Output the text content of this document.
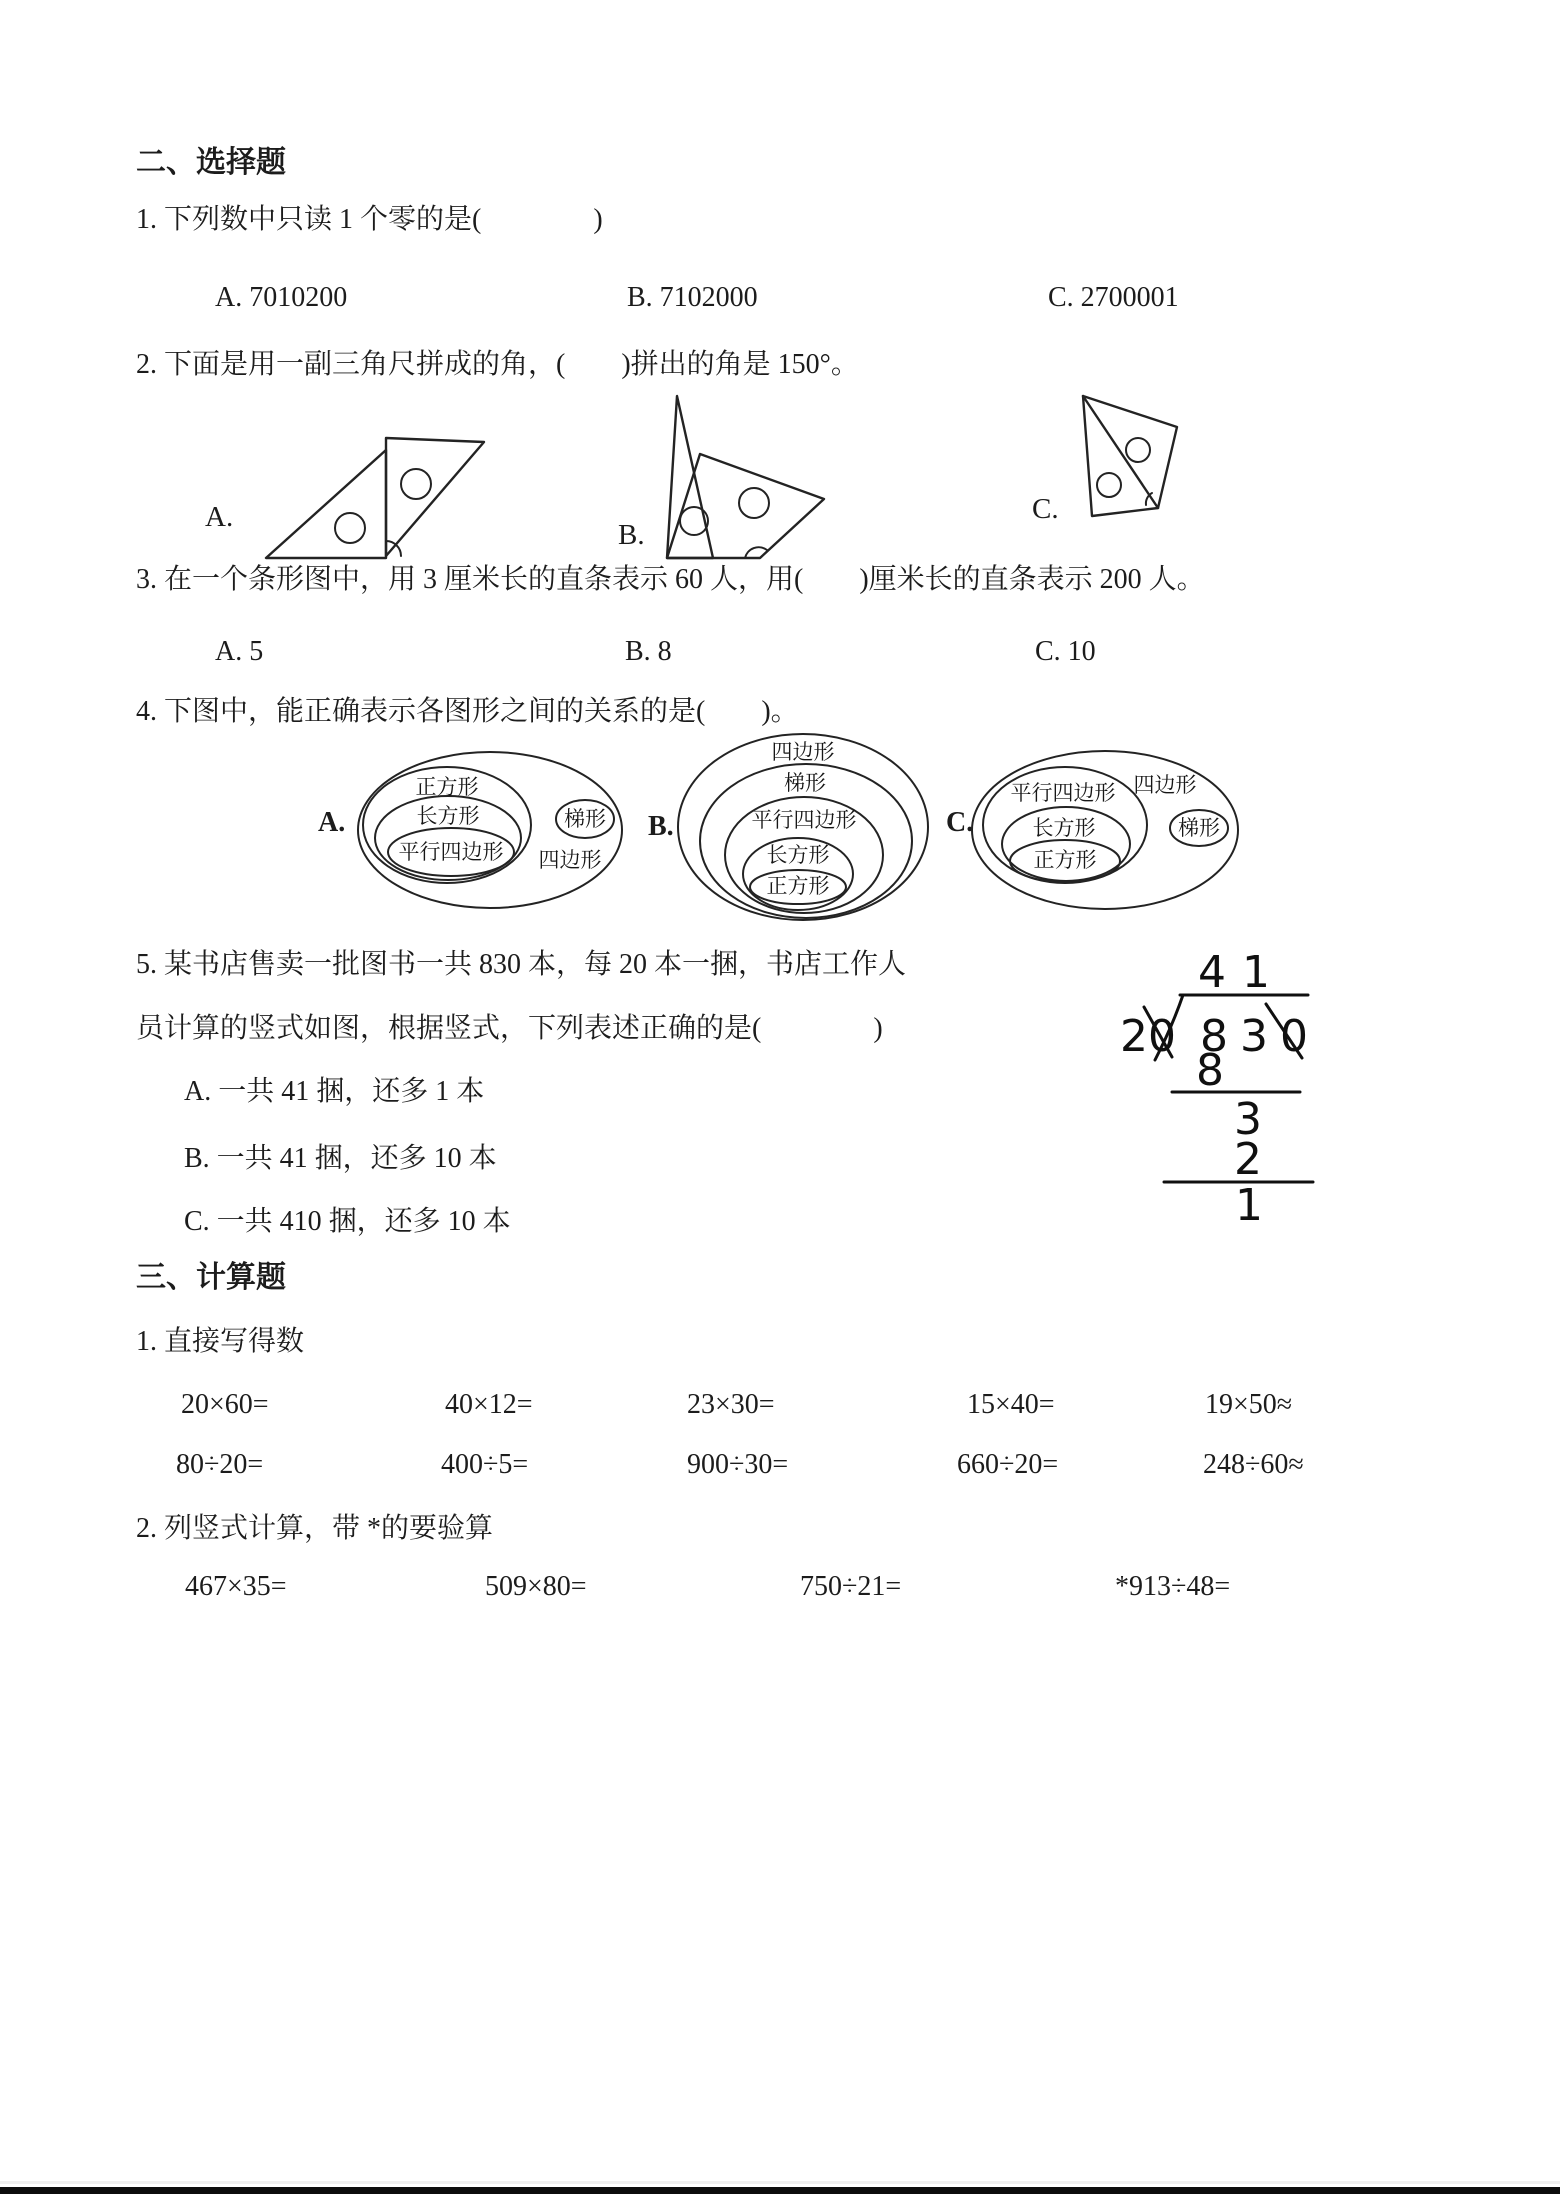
二、选择题
1. 下列数中只读 1 个零的是(　　　　)
A. 7010200	B. 7102000	C. 2700001
2. 下面是用一副三角尺拼成的角，(　　)拼出的角是 150°。
A.
B.
C.
3. 在一个条形图中，用 3 厘米长的直条表示 60 人，用(　　)厘米长的直条表示 200 人。
A. 5	B. 8	C. 10
4. 下图中，能正确表示各图形之间的关系的是(　　)。
A.
正方形
长方形
平行四边形
梯形
四边形
B.
四边形
梯形
平行四边形
长方形
正方形
C.
平行四边形
长方形
正方形
梯形
四边形
5. 某书店售卖一批图书一共 830 本，每 20 本一捆，书店工作人
员计算的竖式如图，根据竖式，下列表述正确的是(　　　　)
A. 一共 41 捆，还多 1 本
B. 一共 41 捆，还多 10 本
C. 一共 410 捆，还多 10 本
41
20 830
8
3
2
1
三、计算题
1. 直接写得数
20×60=	40×12=	23×30=	15×40=	19×50≈
80÷20=	400÷5=	900÷30=	660÷20=	248÷60≈
2. 列竖式计算，带 *的要验算
467×35=	509×80=	750÷21=	*913÷48=
